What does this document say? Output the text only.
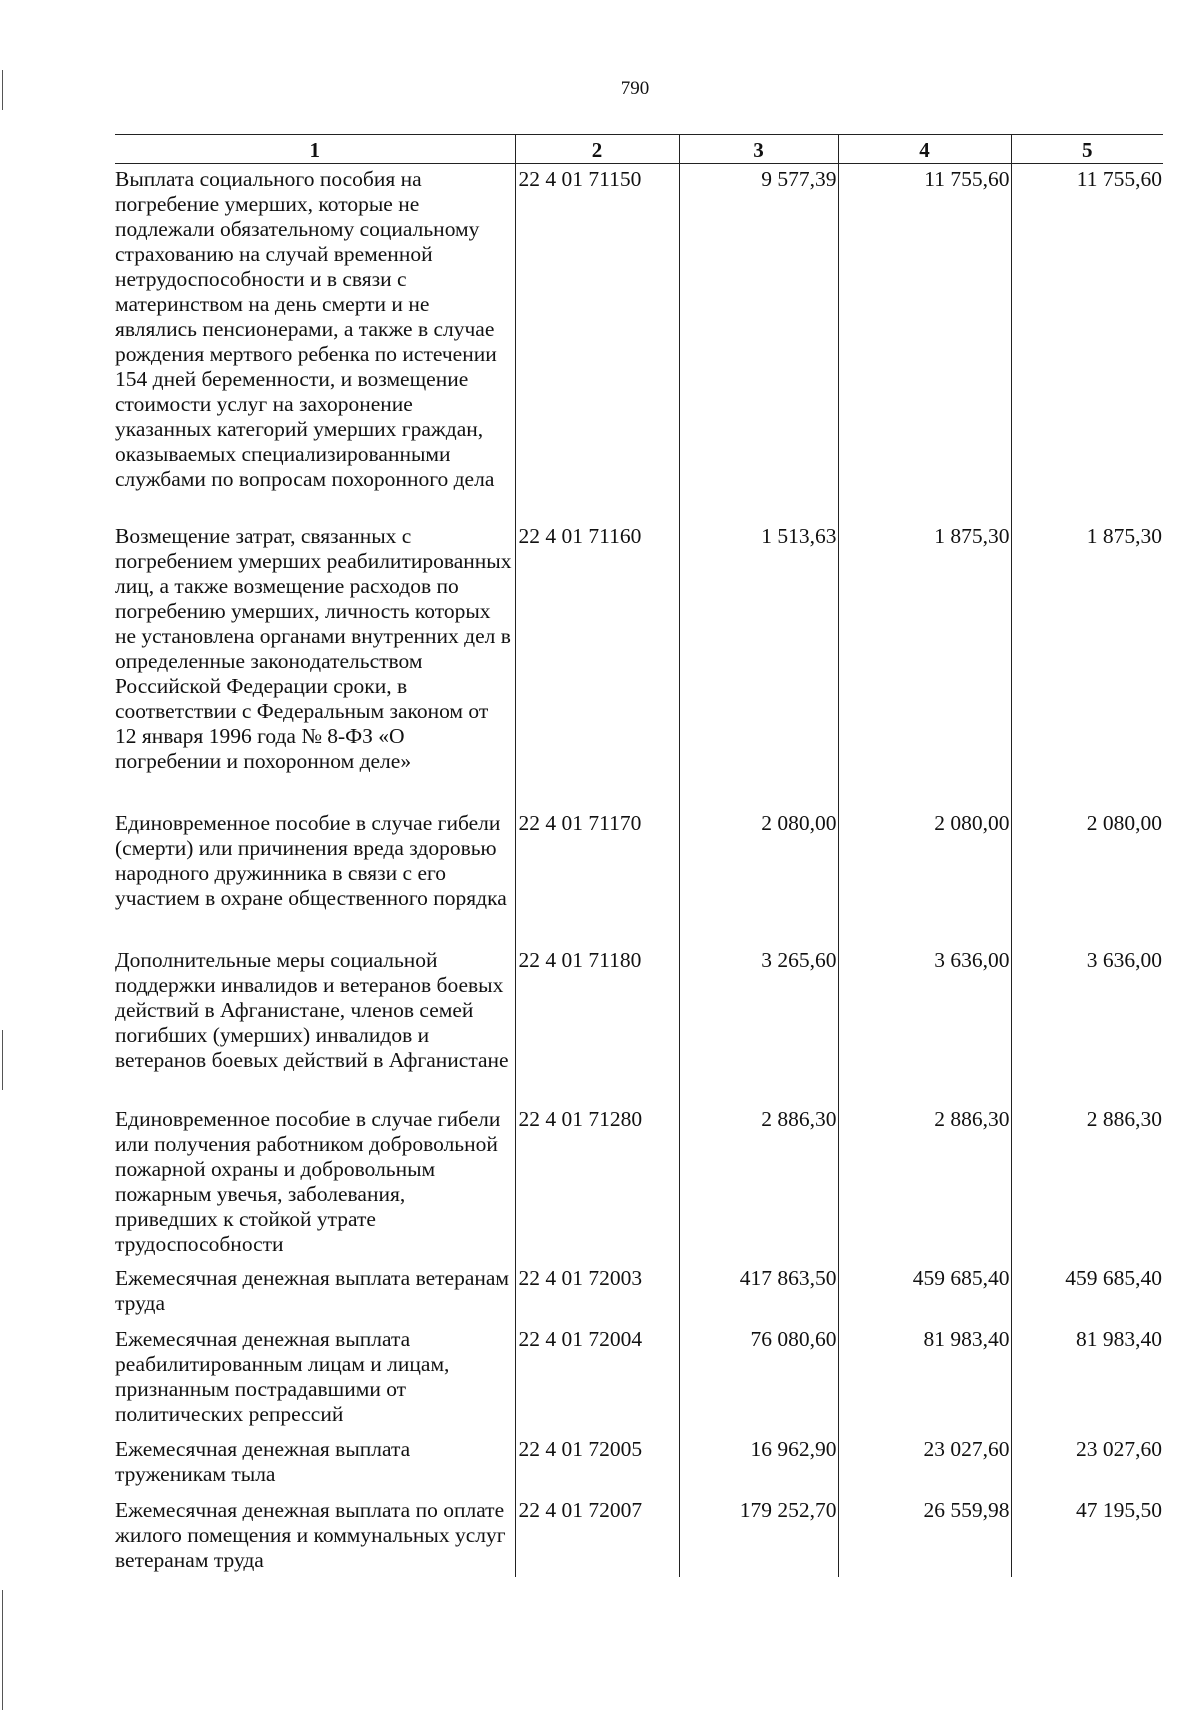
790
1	2	3	4	5
Выплата социального пособия на погребение умерших, которые не подлежали обязательному социальному страхованию на случай временной нетрудоспособности и в связи с материнством на день смерти и не являлись пенсионерами, а также в случае рождения мертвого ребенка по истечении 154 дней беременности, и возмещение стоимости услуг на захоронение указанных категорий умерших граждан, оказываемых специализированными службами по вопросам похоронного дела	22 4 01 71150	9 577,39	11 755,60	11 755,60
Возмещение затрат, связанных с погребением умерших реабилитированных лиц, а также возмещение расходов по погребению умерших, личность которых не установлена органами внутренних дел в определенные законодательством Российской Федерации сроки, в соответствии с Федеральным законом от 12 января 1996 года № 8-ФЗ «О погребении и похоронном деле»	22 4 01 71160	1 513,63	1 875,30	1 875,30
Единовременное пособие в случае гибели (смерти) или причинения вреда здоровью народного дружинника в связи с его участием в охране общественного порядка	22 4 01 71170	2 080,00	2 080,00	2 080,00
Дополнительные меры социальной поддержки инвалидов и ветеранов боевых действий в Афганистане, членов семей погибших (умерших) инвалидов и ветеранов боевых действий в Афганистане	22 4 01 71180	3 265,60	3 636,00	3 636,00
Единовременное пособие в случае гибели или получения работником добровольной пожарной охраны и добровольным пожарным увечья, заболевания, приведших к стойкой утрате трудоспособности	22 4 01 71280	2 886,30	2 886,30	2 886,30
Ежемесячная денежная выплата ветеранам труда	22 4 01 72003	417 863,50	459 685,40	459 685,40
Ежемесячная денежная выплата реабилитированным лицам и лицам, признанным пострадавшими от политических репрессий	22 4 01 72004	76 080,60	81 983,40	81 983,40
Ежемесячная денежная выплата труженикам тыла	22 4 01 72005	16 962,90	23 027,60	23 027,60
Ежемесячная денежная выплата по оплате жилого помещения и коммунальных услуг ветеранам труда	22 4 01 72007	179 252,70	26 559,98	47 195,50
